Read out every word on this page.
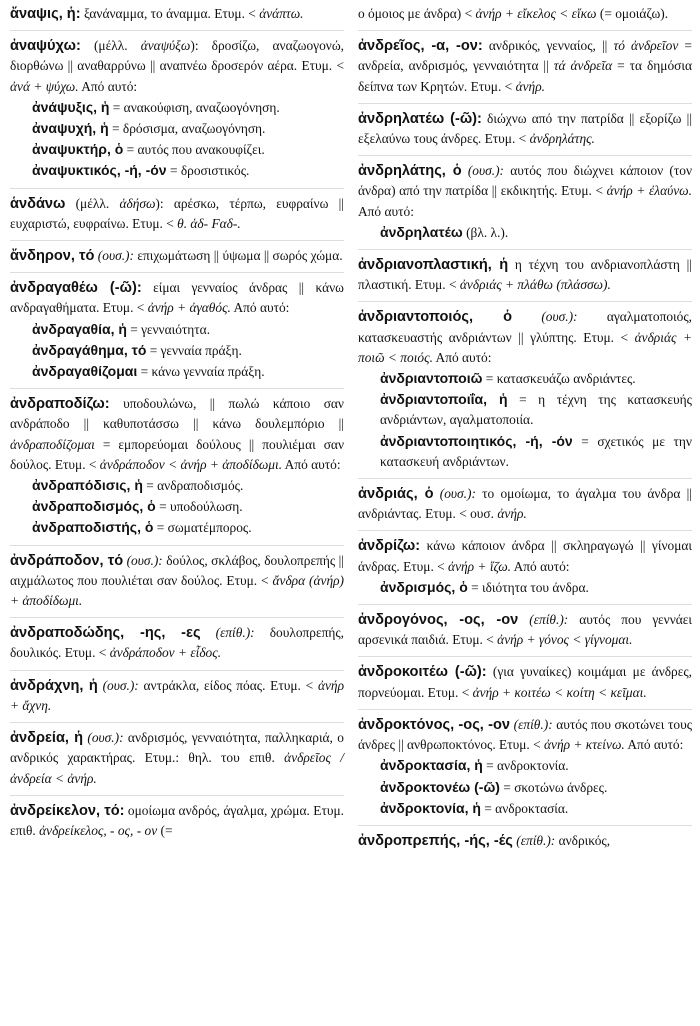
ἄναψις, ἡ: ξανάναμμα, το άναμμα. Ετυμ. < ἀνάπτω.
ἀναψύχω: (μέλλ. ἀναψύξω): δροσίζω, αναζωογονώ, διορθώνω || αναθαρρύνω || αναπνέω δροσερόν αέρα. Ετυμ. < ἀνά + ψύχω. Από αυτό:
ἀνάψυξις, ἡ = ανακούφιση, αναζωογόνηση.
ἀναψυχή, ἡ = δρόσισμα, αναζωογόνηση.
ἀναψυκτήρ, ὁ = αυτός που ανακουφίζει.
ἀναψυκτικός, -ή, -όν = δροσιστικός.
ἁνδάνω (μέλλ. ἁδήσω): αρέσκω, τέρπω, ευφραίνω || ευχαριστώ, ευφραίνω. Ετυμ. < θ. ἁδ- Fαδ-.
ἄνδηρον, τό (ουσ.): επιχωμάτωση || ύψωμα || σωρός χώμα.
ἀνδραγαθέω (-ῶ): είμαι γενναίος άνδρας || κάνω ανδραγαθήματα. Ετυμ. < ἀνήρ + ἀγαθός. Από αυτό:
ἀνδραγαθία, ἡ = γενναιότητα.
ἀνδραγάθημα, τό = γενναία πράξη.
ἀνδραγαθίζομαι = κάνω γενναία πράξη.
ἀνδραποδίζω: υποδουλώνω, || πωλώ κάποιο σαν ανδράποδο || καθυποτάσσω || κάνω δουλεμπόριο || ἀνδραποδίζομαι = εμπορεύομαι δούλους || πουλιέμαι σαν δούλος. Ετυμ. < ἀνδράποδον < ἀνήρ + ἀποδίδωμι. Από αυτό:
ἀνδραπόδισις, ἡ = ανδραποδισμός.
ἀνδραποδισμός, ὁ = υποδούλωση.
ἀνδραποδιστής, ὁ = σωματέμπορος.
ἀνδράποδον, τό (ουσ.): δούλος, σκλάβος, δουλοπρεπής || αιχμάλωτος που πουλιέται σαν δούλος. Ετυμ. < ἄνδρα (ἀνήρ) + ἀποδίδωμι.
ἀνδραποδώδης, -ης, -ες (επίθ.): δουλοπρεπής, δουλικός. Ετυμ. < ἀνδράποδον + εἶδος.
ἀνδράχνη, ἡ (ουσ.): αντράκλα, είδος πόας. Ετυμ. < ἀνήρ + ἄχνη.
ἀνδρεία, ἡ (ουσ.): ανδρισμός, γενναιότητα, παλληκαριά, ο ανδρικός χαρακτήρας. Ετυμ.: θηλ. του επιθ. ἀνδρεῖος / ἀνδρεία < ἀνήρ.
ἀνδρείκελον, τό: ομοίωμα ανδρός, άγαλμα, χρώμα. Ετυμ. επιθ. ἀνδρείκελος, - ος, - ον (=
ο όμοιος με άνδρα) < ἀνήρ + εἴκελος < εἴκω (= ομοιάζω).
ἀνδρεῖος, -α, -ον: ανδρικός, γενναίος, || τό ἀνδρεῖον = ανδρεία, ανδρισμός, γενναιότητα || τά ἀνδρεῖα = τα δημόσια δείπνα των Κρητών. Ετυμ. < ἀνήρ.
ἀνδρηλατέω (-ῶ): διώχνω από την πατρίδα || εξορίζω || εξελαύνω τους άνδρες. Ετυμ. < ἀνδρηλάτης.
ἀνδρηλάτης, ὁ (ουσ.): αυτός που διώχνει κάποιον (τον άνδρα) από την πατρίδα || εκδικητής. Ετυμ. < ἀνήρ + ἐλαύνω. Από αυτό:
ἀνδρηλατέω (βλ. λ.).
ἀνδριανοπλαστική, ἡ η τέχνη του ανδριανοπλάστη || πλαστική. Ετυμ. < ἀνδριάς + πλάθω (πλάσσω).
ἀνδριαντοποιός, ὁ (ουσ.): αγαλματοποιός, κατασκευαστής ανδριάντων || γλύπτης. Ετυμ. < ἀνδριάς + ποιῶ < ποιός. Από αυτό:
ἀνδριαντοποιῶ = κατασκευάζω ανδριάντες.
ἀνδριαντοποιΐα, ἡ = η τέχνη της κατασκευής ανδριάντων, αγαλματοποιία.
ἀνδριαντοποιητικός, -ή, -όν = σχετικός με την κατασκευή ανδριάντων.
ἀνδριάς, ὁ (ουσ.): το ομοίωμα, το άγαλμα του άνδρα || ανδριάντας. Ετυμ. < ουσ. ἀνήρ.
ἀνδρίζω: κάνω κάποιον άνδρα || σκληραγωγώ || γίνομαι άνδρας. Ετυμ. < ἀνήρ + ἴζω. Από αυτό:
ἀνδρισμός, ὁ = ιδιότητα του άνδρα.
ἀνδρογόνος, -ος, -ον (επίθ.): αυτός που γεννάει αρσενικά παιδιά. Ετυμ. < ἀνήρ + γόνος < γίγνομαι.
ἀνδροκοιτέω (-ῶ): (για γυναίκες) κοιμάμαι με άνδρες, πορνεύομαι. Ετυμ. < ἀνήρ + κοιτέω < κοίτη < κεῖμαι.
ἀνδροκτόνος, -ος, -ον (επίθ.): αυτός που σκοτώνει τους άνδρες || ανθρωποκτόνος. Ετυμ. < ἀνήρ + κτείνω. Από αυτό:
ἀνδροκτασία, ἡ = ανδροκτονία.
ἀνδροκτονέω (-ῶ) = σκοτώνω άνδρες.
ἀνδροκτονία, ἡ = ανδροκτασία.
ἀνδροπρεπής, -ής, -ές (επίθ.): ανδρικός,
